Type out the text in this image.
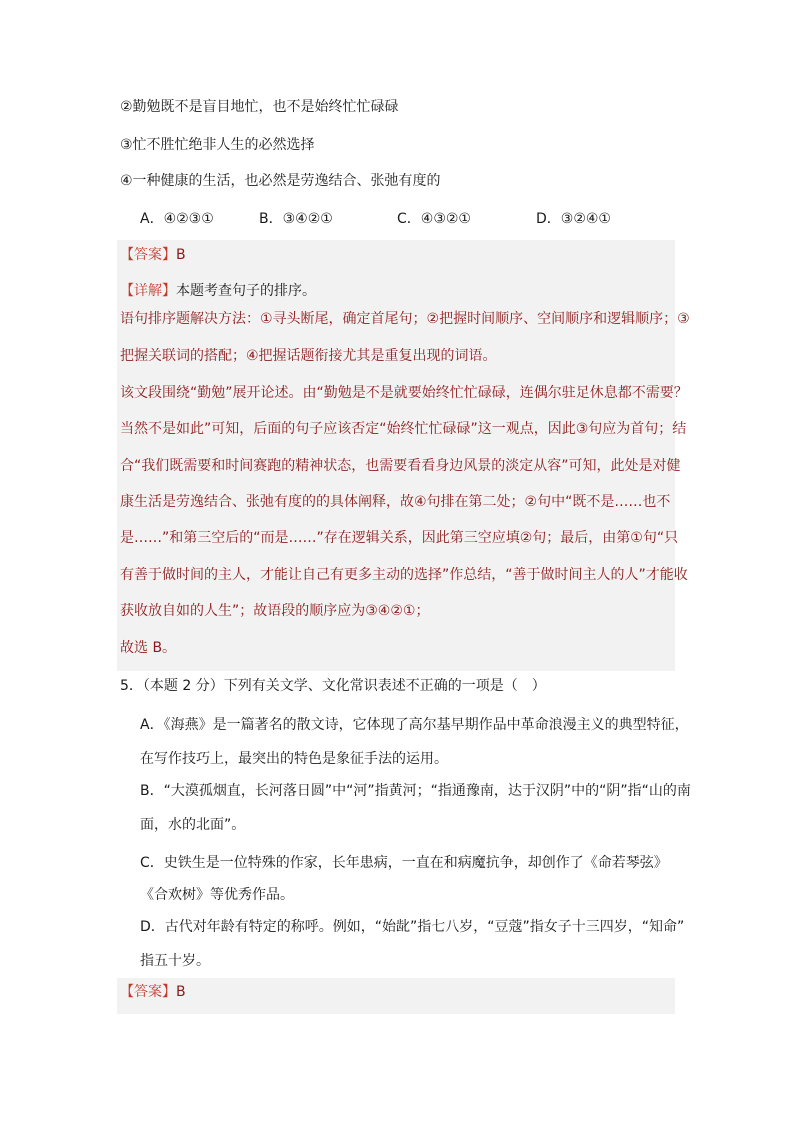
②勤勉既不是盲目地忙，也不是始终忙忙碌碌
③忙不胜忙绝非人生的必然选择
④一种健康的生活，也必然是劳逸结合、张弛有度的
A．④②③①	B．③④②①	C．④③②①	D．③②④①
【答案】B
【详解】本题考查句子的排序。
语句排序题解决方法：①寻头断尾，确定首尾句；②把握时间顺序、空间顺序和逻辑顺序；③
把握关联词的搭配；④把握话题衔接尤其是重复出现的词语。
该文段围绕“勤勉”展开论述。由“勤勉是不是就要始终忙忙碌碌，连偶尔驻足休息都不需要？
当然不是如此”可知，后面的句子应该否定“始终忙忙碌碌”这一观点，因此③句应为首句；结
合“我们既需要和时间赛跑的精神状态，也需要看看身边风景的淡定从容”可知，此处是对健
康生活是劳逸结合、张弛有度的的具体阐释，故④句排在第二处；②句中“既不是……也不
是……”和第三空后的“而是……”存在逻辑关系，因此第三空应填②句；最后，由第①句“只
有善于做时间的主人，才能让自己有更多主动的选择”作总结，“善于做时间主人的人”才能收
获收放自如的人生”；故语段的顺序应为③④②①；
故选 B。
5．（本题 2 分）下列有关文学、文化常识表述不正确的一项是（　）
A．《海燕》是一篇著名的散文诗，它体现了高尔基早期作品中革命浪漫主义的典型特征，
在写作技巧上，最突出的特色是象征手法的运用。
B．“大漠孤烟直，长河落日圆”中“河”指黄河；“指通豫南，达于汉阴”中的“阴”指“山的南
面，水的北面”。
C．史铁生是一位特殊的作家，长年患病，一直在和病魔抗争，却创作了《命若琴弦》
《合欢树》等优秀作品。
D．古代对年龄有特定的称呼。例如，“始龀”指七八岁，“豆蔻”指女子十三四岁，“知命”
指五十岁。
【答案】B
